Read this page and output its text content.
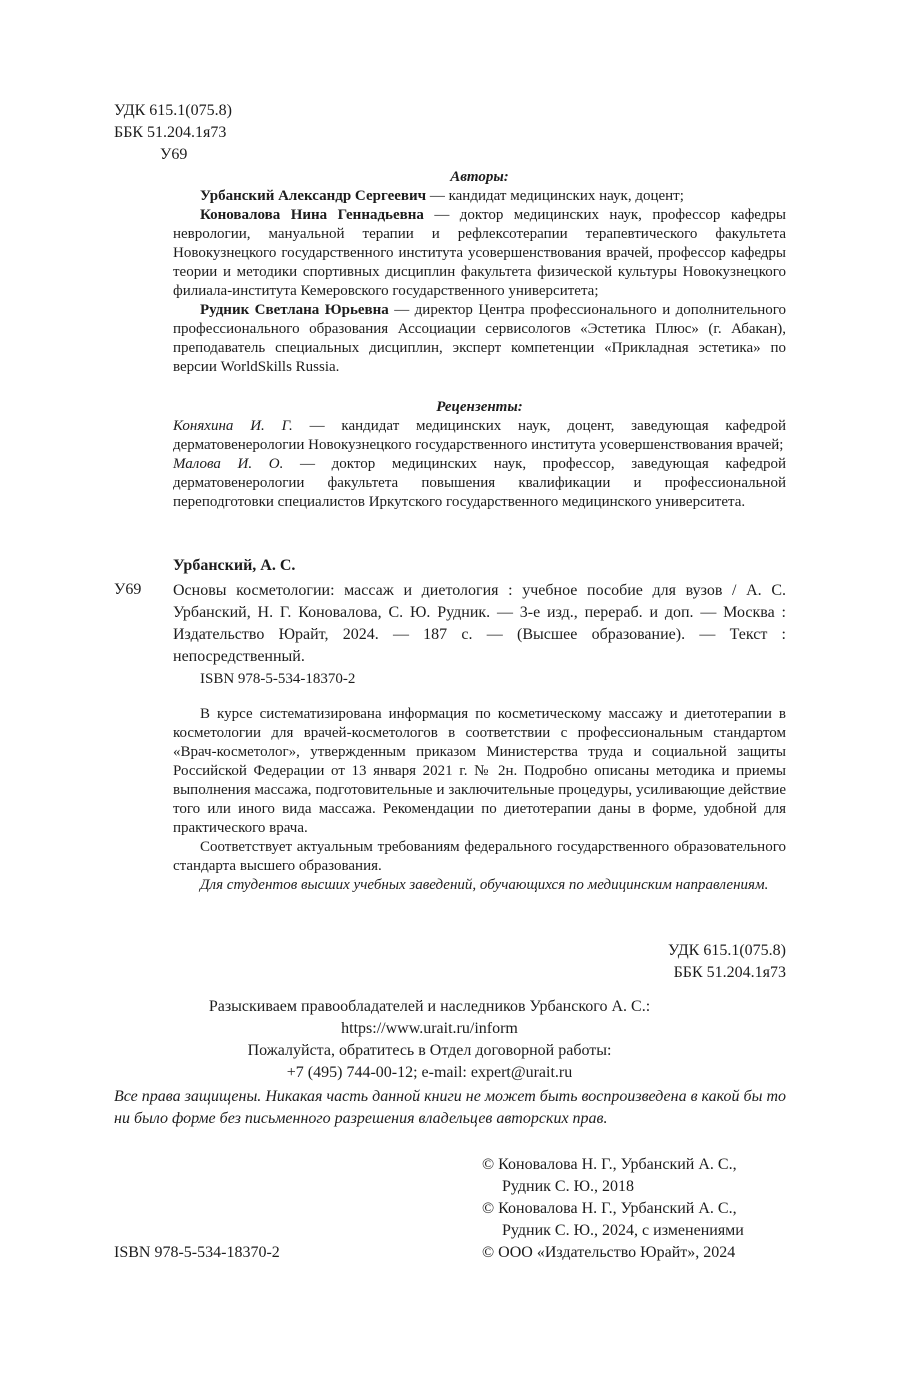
УДК 615.1(075.8)
ББК 51.204.1я73
У69
Авторы:
Урбанский Александр Сергеевич — кандидат медицинских наук, доцент;
Коновалова Нина Геннадьевна — доктор медицинских наук, профессор кафедры неврологии, мануальной терапии и рефлексотерапии терапевтического факультета Новокузнецкого государственного института усовершенствования врачей, профессор кафедры теории и методики спортивных дисциплин факультета физической культуры Новокузнецкого филиала-института Кемеровского государственного университета;
Рудник Светлана Юрьевна — директор Центра профессионального и дополнительного профессионального образования Ассоциации сервисологов «Эстетика Плюс» (г. Абакан), преподаватель специальных дисциплин, эксперт компетенции «Прикладная эстетика» по версии WorldSkills Russia.
Рецензенты:
Коняхина И. Г. — кандидат медицинских наук, доцент, заведующая кафедрой дерматовенерологии Новокузнецкого государственного института усовершенствования врачей;
Малова И. О. — доктор медицинских наук, профессор, заведующая кафедрой дерматовенерологии факультета повышения квалификации и профессиональной переподготовки специалистов Иркутского государственного медицинского университета.
Урбанский, А. С.
У69 Основы косметологии: массаж и диетология : учебное пособие для вузов / А. С. Урбанский, Н. Г. Коновалова, С. Ю. Рудник. — 3-е изд., перераб. и доп. — Москва : Издательство Юрайт, 2024. — 187 с. — (Высшее образование). — Текст : непосредственный.
ISBN 978-5-534-18370-2
В курсе систематизирована информация по косметическому массажу и диетотерапии в косметологии для врачей-косметологов в соответствии с профессиональным стандартом «Врач-косметолог», утвержденным приказом Министерства труда и социальной защиты Российской Федерации от 13 января 2021 г. № 2н. Подробно описаны методика и приемы выполнения массажа, подготовительные и заключительные процедуры, усиливающие действие того или иного вида массажа. Рекомендации по диетотерапии даны в форме, удобной для практического врача.
Соответствует актуальным требованиям федерального государственного образовательного стандарта высшего образования.
Для студентов высших учебных заведений, обучающихся по медицинским направлениям.
УДК 615.1(075.8)
ББК 51.204.1я73
Разыскиваем правообладателей и наследников Урбанского А. С.:
https://www.urait.ru/inform
Пожалуйста, обратитесь в Отдел договорной работы:
+7 (495) 744-00-12; e-mail: expert@urait.ru
Все права защищены. Никакая часть данной книги не может быть воспроизведена в какой бы то ни было форме без письменного разрешения владельцев авторских прав.
© Коновалова Н. Г., Урбанский А. С.,
Рудник С. Ю., 2018
© Коновалова Н. Г., Урбанский А. С.,
Рудник С. Ю., 2024, с изменениями
© ООО «Издательство Юрайт», 2024
ISBN 978-5-534-18370-2
